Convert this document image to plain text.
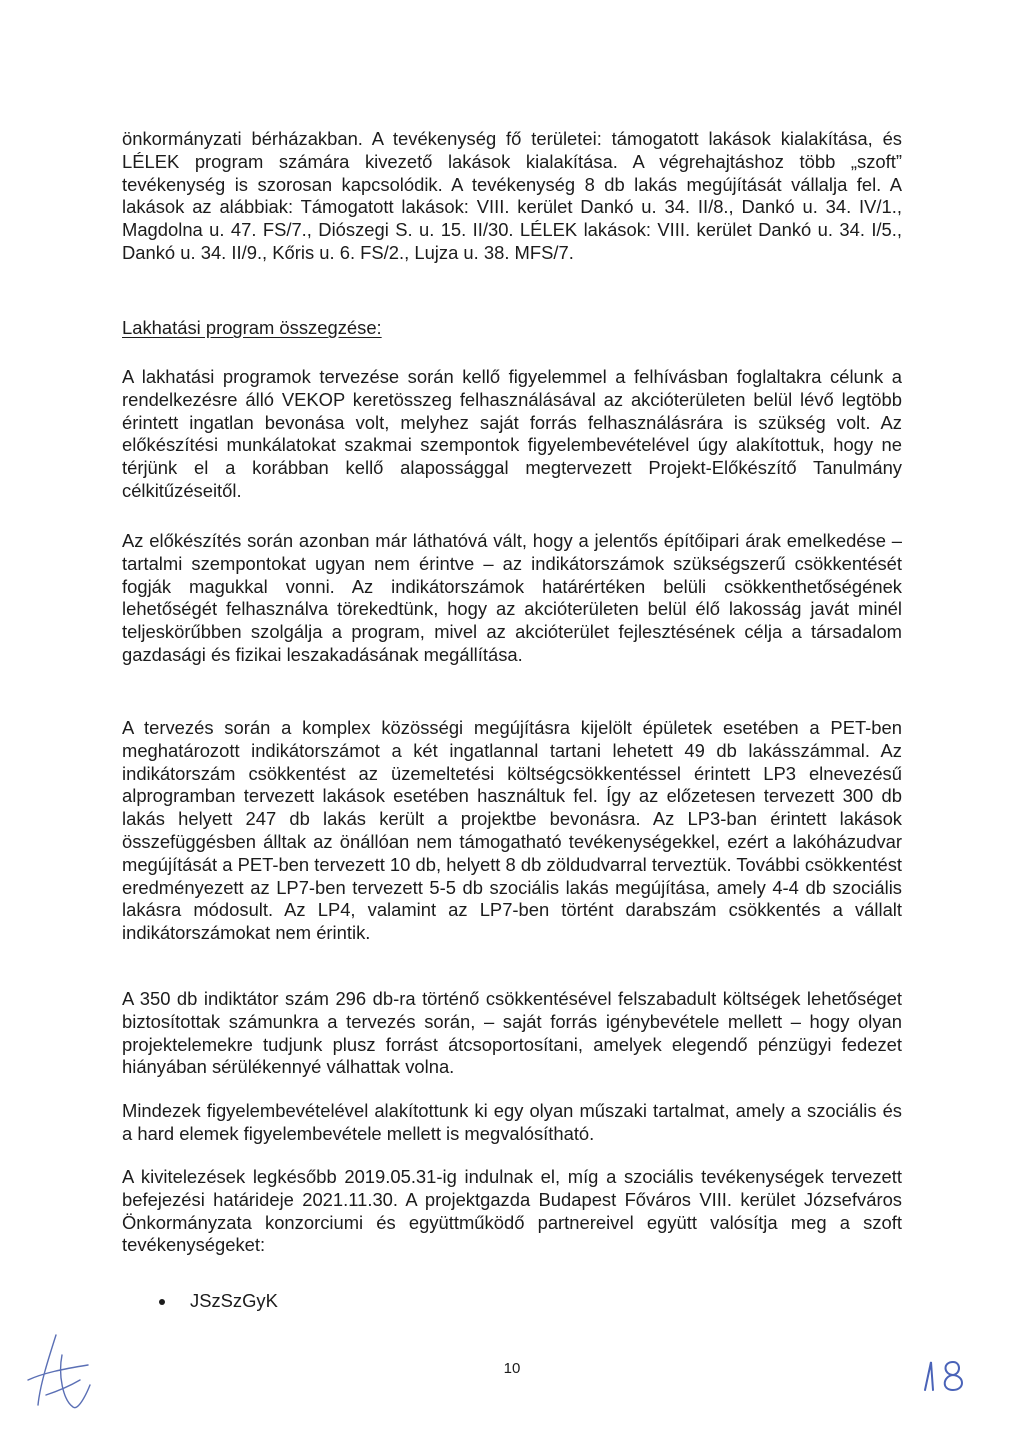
önkormányzati bérházakban. A tevékenység fő területei: támogatott lakások kialakítása, és LÉLEK program számára kivezető lakások kialakítása. A végrehajtáshoz több „szoft” tevékenység is szorosan kapcsolódik. A tevékenység 8 db lakás megújítását vállalja fel. A lakások az alábbiak: Támogatott lakások: VIII. kerület Dankó u. 34. II/8., Dankó u. 34. IV/1., Magdolna u. 47. FS/7., Diószegi S. u. 15. II/30. LÉLEK lakások: VIII. kerület Dankó u. 34. I/5., Dankó u. 34. II/9., Kőris u. 6. FS/2., Lujza u. 38. MFS/7.

Lakhatási program összegzése:

A lakhatási programok tervezése során kellő figyelemmel a felhívásban foglaltakra célunk a rendelkezésre álló VEKOP keretösszeg felhasználásával az akcióterületen belül lévő legtöbb érintett ingatlan bevonása volt, melyhez saját forrás felhasználásrára is szükség volt. Az előkészítési munkálatokat szakmai szempontok figyelembevételével úgy alakítottuk, hogy ne térjünk el a korábban kellő alapossággal megtervezett Projekt-Előkészítő Tanulmány célkitűzéseitől.

Az előkészítés során azonban már láthatóvá vált, hogy a jelentős építőipari árak emelkedése – tartalmi szempontokat ugyan nem érintve – az indikátorszámok szükségszerű csökkentését fogják magukkal vonni. Az indikátorszámok határértéken belüli csökkenthetőségének lehetőségét felhasználva törekedtünk, hogy az akcióterületen belül élő lakosság javát minél teljeskörűbben szolgálja a program, mivel az akcióterület fejlesztésének célja a társadalom gazdasági és fizikai leszakadásának megállítása.

A tervezés során a komplex közösségi megújításra kijelölt épületek esetében a PET-ben meghatározott indikátorszámot a két ingatlannal tartani lehetett 49 db lakásszámmal. Az indikátorszám csökkentést az üzemeltetési költségcsökkentéssel érintett LP3 elnevezésű alprogramban tervezett lakások esetében használtuk fel. Így az előzetesen tervezett 300 db lakás helyett 247 db lakás került a projektbe bevonásra. Az LP3-ban érintett lakások összefüggésben álltak az önállóan nem támogatható tevékenységekkel, ezért a lakóházudvar megújítását a PET-ben tervezett 10 db, helyett 8 db zöldudvarral terveztük. További csökkentést eredményezett az LP7-ben tervezett 5-5 db szociális lakás megújítása, amely 4-4 db szociális lakásra módosult. Az LP4, valamint az LP7-ben történt darabszám csökkentés a vállalt indikátorszámokat nem érintik.

A 350 db indiktátor szám 296 db-ra történő csökkentésével felszabadult költségek lehetőséget biztosítottak számunkra a tervezés során, – saját forrás igénybevétele mellett – hogy olyan projektelemekre tudjunk plusz forrást átcsoportosítani, amelyek elegendő pénzügyi fedezet hiányában sérülékennyé válhattak volna.

Mindezek figyelembevételével alakítottunk ki egy olyan műszaki tartalmat, amely a szociális és a hard elemek figyelembevétele mellett is megvalósítható.

A kivitelezések legkésőbb 2019.05.31-ig indulnak el, míg a szociális tevékenységek tervezett befejezési határideje 2021.11.30. A projektgazda Budapest Főváros VIII. kerület Józsefváros Önkormányzata konzorciumi és együttműködő partnereivel együtt valósítja meg a szoft tevékenységeket:

JSzSzGyK
10
